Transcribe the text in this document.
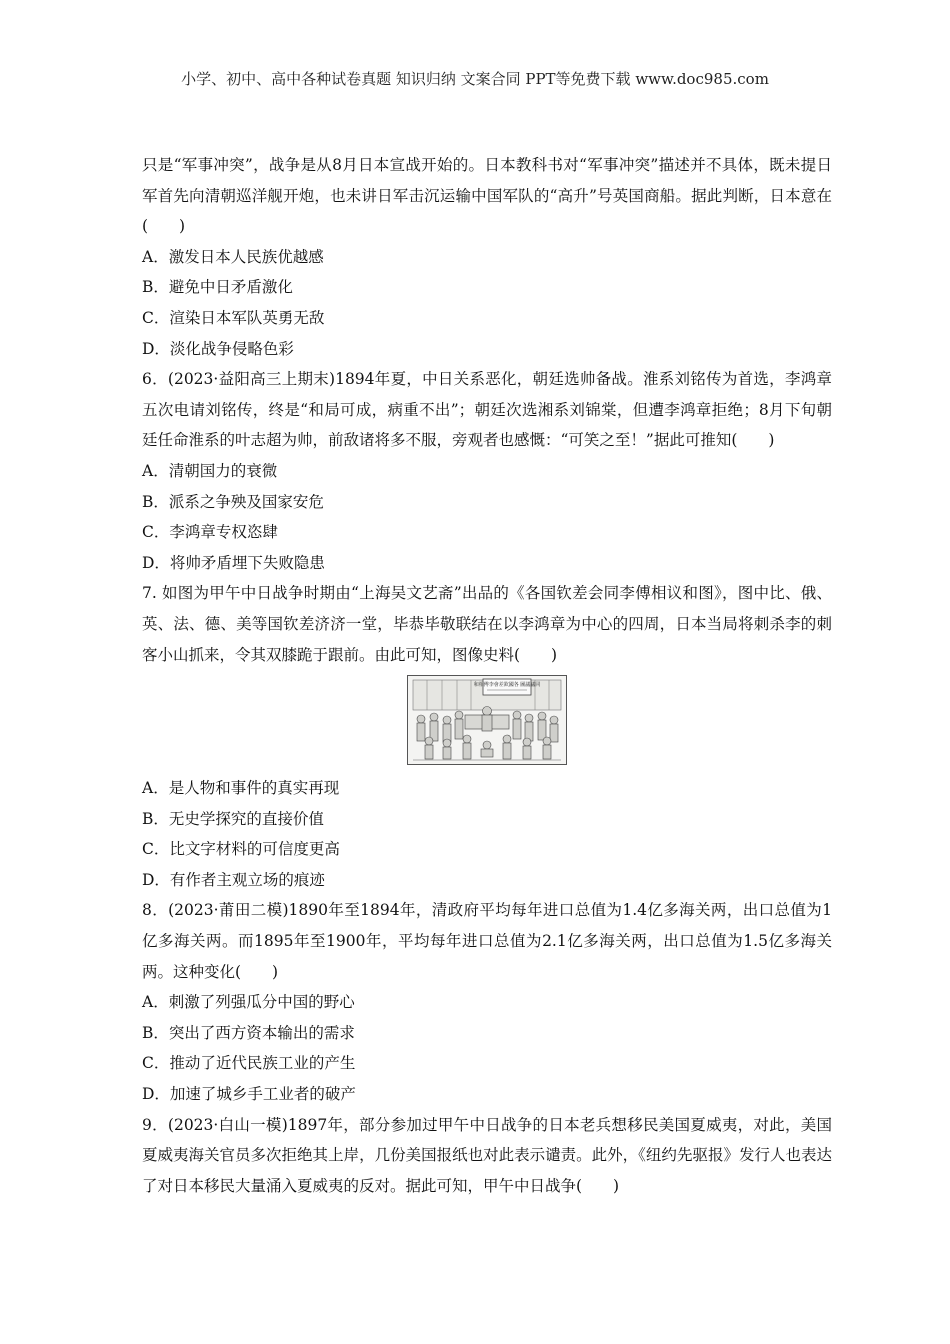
小学、初中、高中各种试卷真题 知识归纳 文案合同 PPT等免费下载 www.doc985.com

只是“军事冲突”，战争是从8月日本宣战开始的。日本教科书对“军事冲突”描述并不具体，既未提日军首先向清朝巡洋舰开炮，也未讲日军击沉运输中国军队的“高升”号英国商船。据此判断，日本意在(　　)

A．激发日本人民族优越感

B．避免中日矛盾激化

C．渲染日本军队英勇无敌

D．淡化战争侵略色彩

6．(2023·益阳高三上期末)1894年夏，中日关系恶化，朝廷选帅备战。淮系刘铭传为首选，李鸿章五次电请刘铭传，终是“和局可成，病重不出”；朝廷次选湘系刘锦棠，但遭李鸿章拒绝；8月下旬朝廷任命淮系的叶志超为帅，前敌诸将多不服，旁观者也感慨：“可笑之至！”据此可推知(　　)

A．清朝国力的衰微

B．派系之争殃及国家安危

C．李鸿章专权恣肆

D．将帅矛盾埋下失败隐患

7. 如图为甲午中日战争时期由“上海吴文艺斋”出品的《各国钦差会同李傅相议和图》，图中比、俄、英、法、德、美等国钦差济济一堂，毕恭毕敬联结在以李鸿章为中心的四周，日本当局将刺杀李的刺客小山抓来，令其双膝跪于跟前。由此可知，图像史料(　　)

和相傅李會差欽國各 圖議議同

A．是人物和事件的真实再现

B．无史学探究的直接价值

C．比文字材料的可信度更高

D．有作者主观立场的痕迹

8．(2023·莆田二模)1890年至1894年，清政府平均每年进口总值为1.4亿多海关两，出口总值为1亿多海关两。而1895年至1900年，平均每年进口总值为2.1亿多海关两，出口总值为1.5亿多海关两。这种变化(　　)

A．刺激了列强瓜分中国的野心

B．突出了西方资本输出的需求

C．推动了近代民族工业的产生

D．加速了城乡手工业者的破产

9．(2023·白山一模)1897年，部分参加过甲午中日战争的日本老兵想移民美国夏威夷，对此，美国夏威夷海关官员多次拒绝其上岸，几份美国报纸也对此表示谴责。此外，《纽约先驱报》发行人也表达了对日本移民大量涌入夏威夷的反对。据此可知，甲午中日战争(　　)
